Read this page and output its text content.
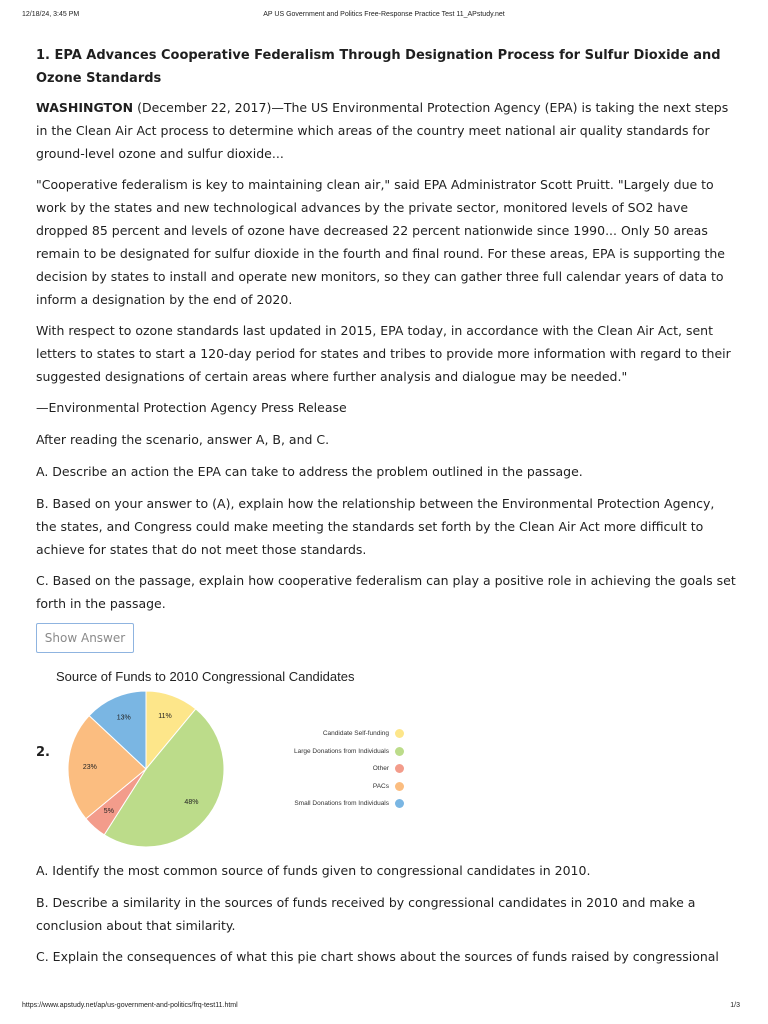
12/18/24, 3:45 PM	AP US Government and Politics Free-Response Practice Test 11_APstudy.net
1. EPA Advances Cooperative Federalism Through Designation Process for Sulfur Dioxide and Ozone Standards

WASHINGTON (December 22, 2017)—The US Environmental Protection Agency (EPA) is taking the next steps in the Clean Air Act process to determine which areas of the country meet national air quality standards for ground-level ozone and sulfur dioxide...

"Cooperative federalism is key to maintaining clean air," said EPA Administrator Scott Pruitt. "Largely due to work by the states and new technological advances by the private sector, monitored levels of SO2 have dropped 85 percent and levels of ozone have decreased 22 percent nationwide since 1990... Only 50 areas remain to be designated for sulfur dioxide in the fourth and final round. For these areas, EPA is supporting the decision by states to install and operate new monitors, so they can gather three full calendar years of data to inform a designation by the end of 2020.

With respect to ozone standards last updated in 2015, EPA today, in accordance with the Clean Air Act, sent letters to states to start a 120-day period for states and tribes to provide more information with regard to their suggested designations of certain areas where further analysis and dialogue may be needed."

—Environmental Protection Agency Press Release

After reading the scenario, answer A, B, and C.

A. Describe an action the EPA can take to address the problem outlined in the passage.

B. Based on your answer to (A), explain how the relationship between the Environmental Protection Agency, the states, and Congress could make meeting the standards set forth by the Clean Air Act more difficult to achieve for states that do not meet those standards.

C. Based on the passage, explain how cooperative federalism can play a positive role in achieving the goals set forth in the passage.

Show Answer
Source of Funds to 2010 Congressional Candidates
2.
11%
48%
5%
23%
13%
Candidate Self-funding
Large Donations from Individuals
Other
PACs
Small Donations from Individuals

A. Identify the most common source of funds given to congressional candidates in 2010.

B. Describe a similarity in the sources of funds received by congressional candidates in 2010 and make a conclusion about that similarity.

C. Explain the consequences of what this pie chart shows about the sources of funds raised by congressional

https://www.apstudy.net/ap/us-government-and-politics/frq-test11.html	1/3
